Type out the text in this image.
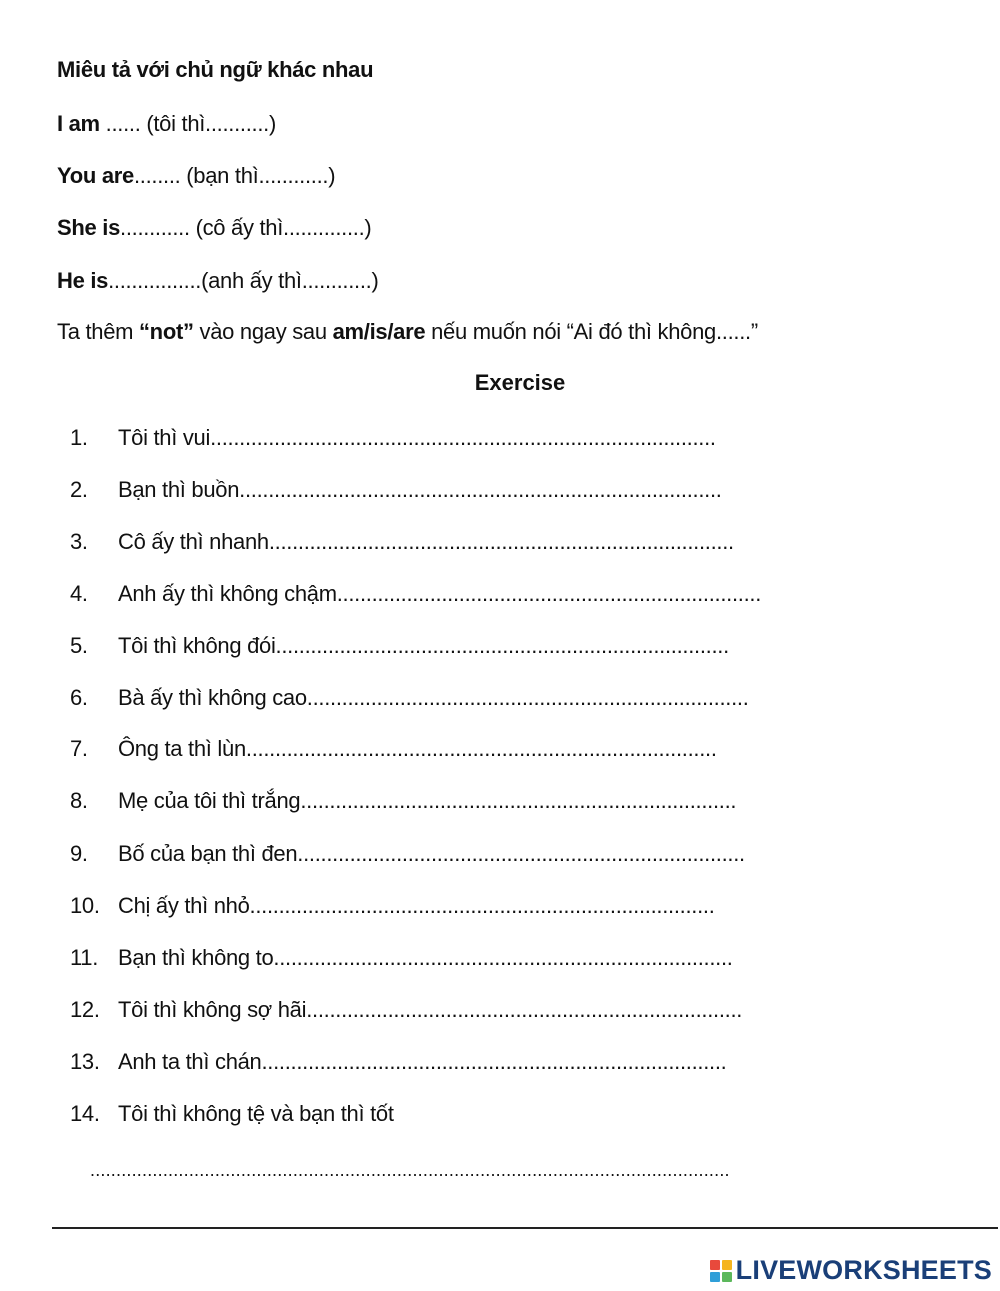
Miêu tả với chủ ngữ khác nhau
I am ...... (tôi thì...........)
You are........ (bạn thì............)
She is............ (cô ấy thì..............)
He is................(anh ấy thì............)
Ta thêm “not” vào ngay sau am/is/are nếu muốn nói “Ai đó thì không......”
Exercise
1. Tôi thì vui.......................................................................................
2. Bạn thì buồn...................................................................................
3. Cô ấy thì nhanh................................................................................
4. Anh ấy thì không chậm.........................................................................
5. Tôi thì không đói..............................................................................
6. Bà ấy thì không cao............................................................................
7. Ông ta thì lùn.................................................................................
8. Mẹ của tôi thì trắng...........................................................................
9. Bố của bạn thì đen.............................................................................
10. Chị ấy thì nhỏ................................................................................
11. Bạn thì không to...............................................................................
12. Tôi thì không sợ hãi...........................................................................
13. Anh ta thì chán................................................................................
14. Tôi thì không tệ và bạn thì tốt
...........................................................................................................................
LIVEWORKSHEETS
